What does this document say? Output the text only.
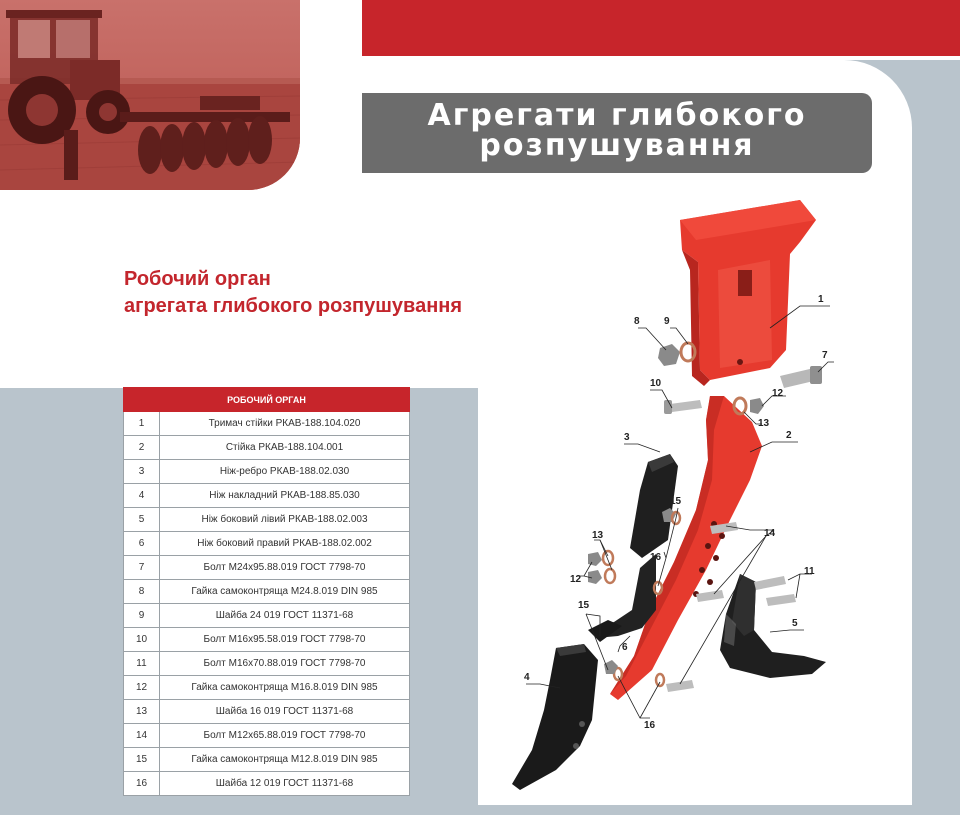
Агрегати глибокого
розпушування
Робочий орган
агрегата глибокого розпушування
РОБОЧИЙ ОРГАН	
1	Тримач стійки РКАВ-188.104.020
2	Стійка РКАВ-188.104.001
3	Ніж-ребро РКАВ-188.02.030
4	Ніж накладний РКАВ-188.85.030
5	Ніж боковий лівий РКАВ-188.02.003
6	Ніж боковий правий РКАВ-188.02.002
7	Болт М24х95.88.019 ГОСТ 7798-70
8	Гайка самоконтряща М24.8.019 DIN 985
9	Шайба 24 019 ГОСТ 11371-68
10	Болт М16х95.58.019 ГОСТ 7798-70
11	Болт М16х70.88.019 ГОСТ 7798-70
12	Гайка самоконтряща М16.8.019 DIN 985
13	Шайба 16 019 ГОСТ 11371-68
14	Болт М12х65.88.019 ГОСТ 7798-70
15	Гайка самоконтряща М12.8.019 DIN 985
16	Шайба 12 019 ГОСТ 11371-68
1
2
3
4
5
6
7
8 9
10
11
12
13
14
15
16
13
12
15
16
